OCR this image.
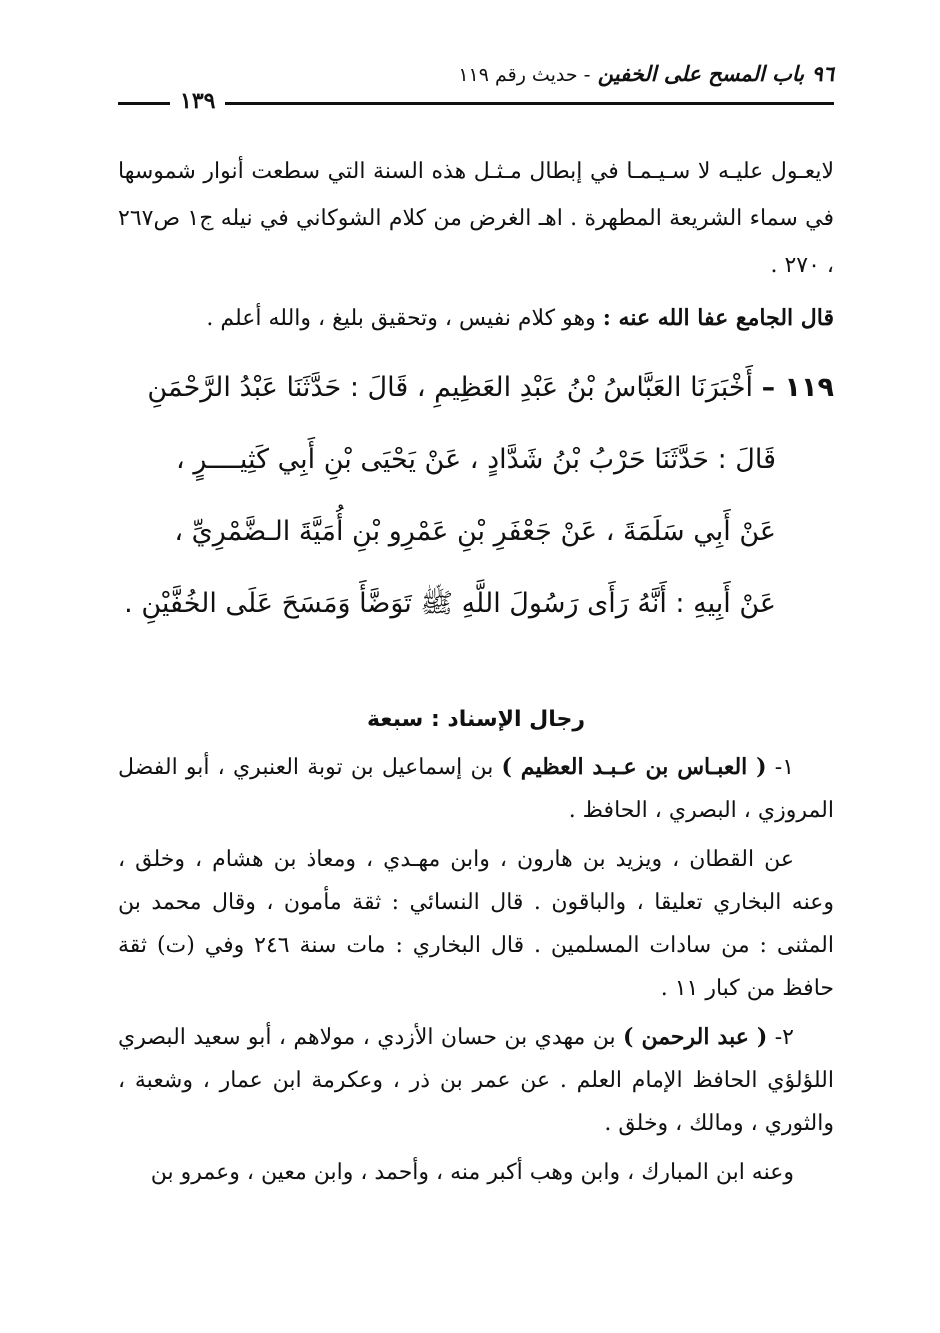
٩٦ باب المسح على الخفين - حديث رقم ١١٩
١٣٩

لايعـول عليـه لا سـيـمـا في إبطال مـثـل هذه السنة التي سطعت أنوار شموسها في سماء الشريعة المطهرة . اهـ الغرض من كلام الشوكاني في نيله ج١ ص٢٦٧ ، ٢٧٠ .

قال الجامع عفا الله عنه : وهو كلام نفيس ، وتحقيق بليغ ، والله أعلم .

١١٩ – أَخْبَرَنَا العَبَّاسُ بْنُ عَبْدِ العَظِيمِ ، قَالَ : حَدَّثَنَا عَبْدُ الرَّحْمَنِ
قَالَ : حَدَّثَنَا حَرْبُ بْنُ شَدَّادٍ ، عَنْ يَحْيَى بْنِ أَبِي كَثِيــــرٍ ،
عَنْ أَبِي سَلَمَةَ ، عَنْ جَعْفَرِ بْنِ عَمْرِو بْنِ أُمَيَّةَ الـضَّمْرِيِّ ،
عَنْ أَبِيهِ : أَنَّهُ رَأَى رَسُولَ اللَّهِ ﷺ تَوَضَّأَ وَمَسَحَ عَلَى الخُفَّيْنِ .
رجال الإسناد : سبعة

١- ( العبـاس بن عـبـد العظيم ) بن إسماعيل بن توبة العنبري ، أبو الفضل المروزي ، البصري ، الحافظ .

عن القطان ، ويزيد بن هارون ، وابن مهـدي ، ومعاذ بن هشام ، وخلق ، وعنه البخاري تعليقا ، والباقون . قال النسائي : ثقة مأمون ، وقال محمد بن المثنى : من سادات المسلمين . قال البخاري : مات سنة ٢٤٦ وفي (ت) ثقة حافظ من كبار ١١ .

٢- ( عبد الرحمن ) بن مهدي بن حسان الأزدي ، مولاهم ، أبو سعيد البصري اللؤلؤي الحافظ الإمام العلم . عن عمر بن ذر ، وعكرمة ابن عمار ، وشعبة ، والثوري ، ومالك ، وخلق .

وعنه ابن المبارك ، وابن وهب أكبر منه ، وأحمد ، وابن معين ، وعمرو بن
